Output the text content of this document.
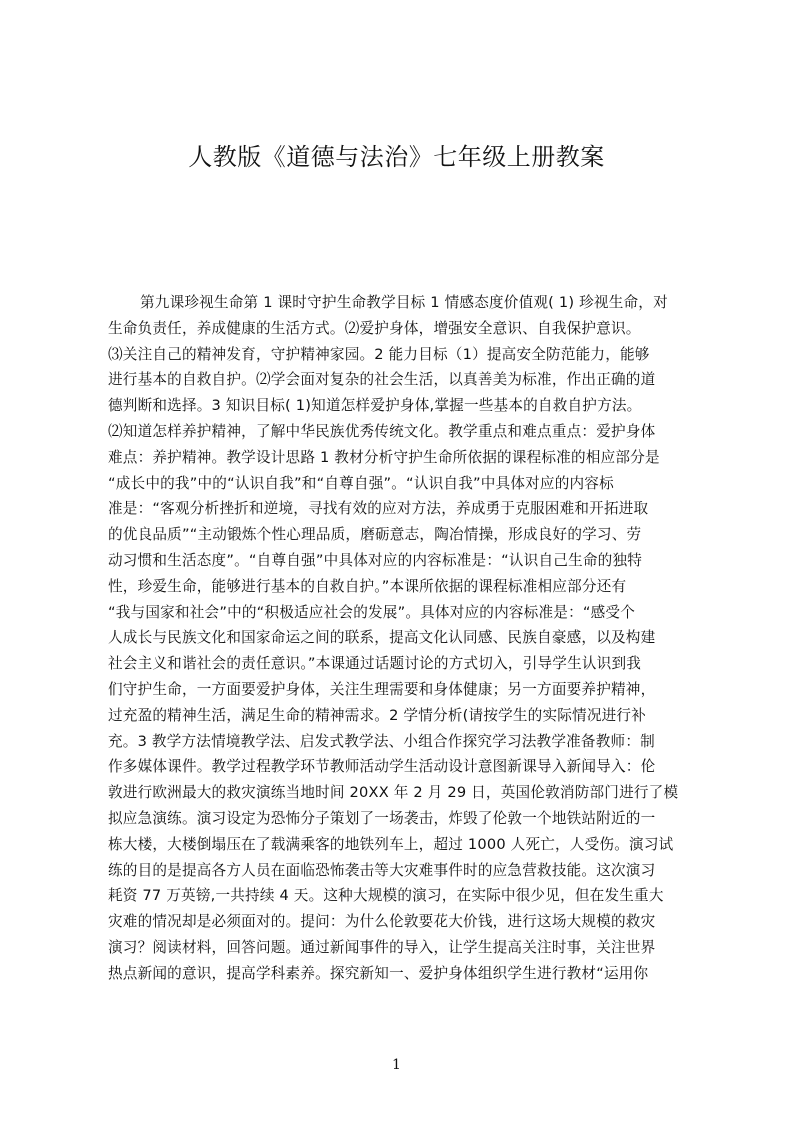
人教版《道德与法治》七年级上册教案
第九课珍视生命第 1 课时守护生命教学目标 1 情感态度价值观( 1) 珍视生命，对
生命负责任，养成健康的生活方式。⑵爱护身体，增强安全意识、自我保护意识。
⑶关注自己的精神发育，守护精神家园。2 能力目标（1）提高安全防范能力，能够
进行基本的自救自护。⑵学会面对复杂的社会生活，以真善美为标准，作出正确的道
德判断和选择。3 知识目标( 1)知道怎样爱护身体,掌握一些基本的自救自护方法。
⑵知道怎样养护精神，了解中华民族优秀传统文化。教学重点和难点重点：爱护身体
难点：养护精神。教学设计思路 1 教材分析守护生命所依据的课程标准的相应部分是
“成长中的我”中的“认识自我”和“自尊自强”。“认识自我”中具体对应的内容标
准是：“客观分析挫折和逆境，寻找有效的应对方法，养成勇于克服困难和开拓进取
的优良品质”“主动锻炼个性心理品质，磨砺意志，陶冶情操，形成良好的学习、劳
动习惯和生活态度”。“自尊自强”中具体对应的内容标准是：“认识自己生命的独特
性，珍爱生命，能够进行基本的自救自护。”本课所依据的课程标准相应部分还有
“我与国家和社会”中的“积极适应社会的发展”。具体对应的内容标准是：“感受个
人成长与民族文化和国家命运之间的联系，提高文化认同感、民族自豪感，以及构建
社会主义和谐社会的责任意识。”本课通过话题讨论的方式切入，引导学生认识到我
们守护生命，一方面要爱护身体，关注生理需要和身体健康；另一方面要养护精神，
过充盈的精神生活，满足生命的精神需求。2 学情分析(请按学生的实际情况进行补
充。3 教学方法情境教学法、启发式教学法、小组合作探究学习法教学准备教师：制
作多媒体课件。教学过程教学环节教师活动学生活动设计意图新课导入新闻导入：伦
敦进行欧洲最大的救灾演练当地时间 20XX 年 2 月 29 日，英国伦敦消防部门进行了模
拟应急演练。演习设定为恐怖分子策划了一场袭击，炸毁了伦敦一个地铁站附近的一
栋大楼，大楼倒塌压在了载满乘客的地铁列车上，超过 1000 人死亡，人受伤。演习试
练的目的是提高各方人员在面临恐怖袭击等大灾难事件时的应急营救技能。这次演习
耗资 77 万英镑,一共持续 4 天。这种大规模的演习，在实际中很少见，但在发生重大
灾难的情况却是必须面对的。提问：为什么伦敦要花大价钱，进行这场大规模的救灾
演习？阅读材料，回答问题。通过新闻事件的导入，让学生提高关注时事，关注世界
热点新闻的意识，提高学科素养。探究新知一、爱护身体组织学生进行教材“运用你
1
